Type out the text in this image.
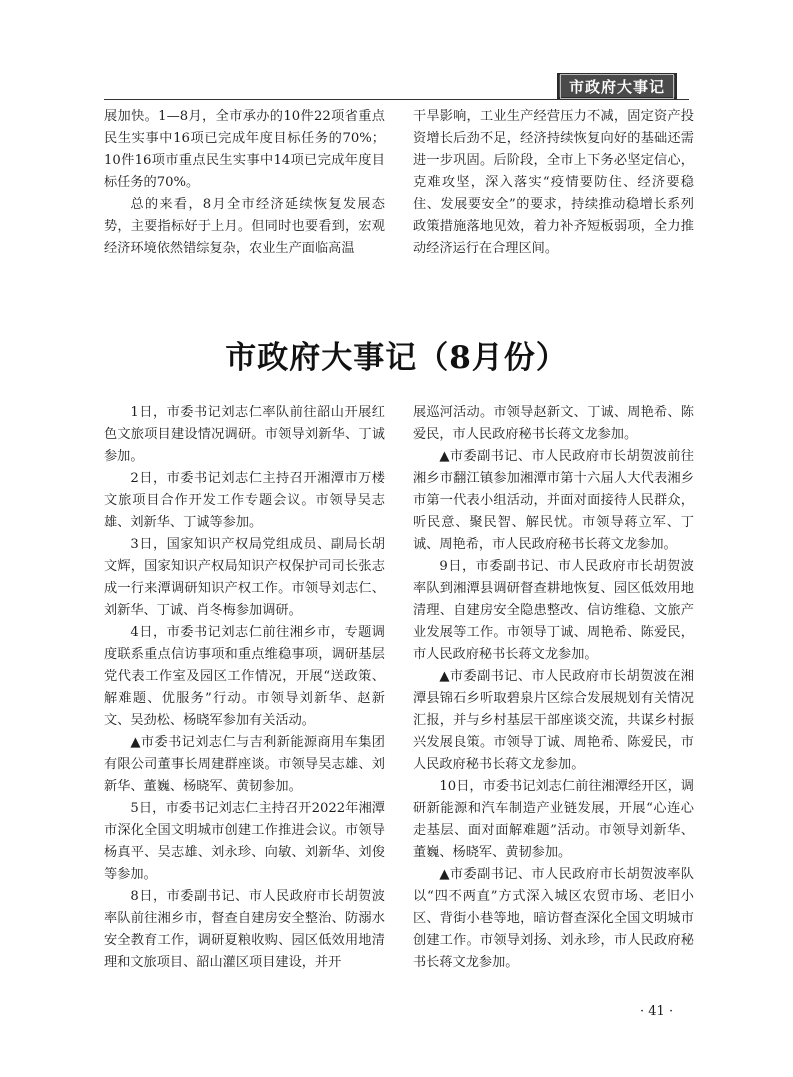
市政府大事记

展加快。1—8月，全市承办的10件22项省重点民生实事中16项已完成年度目标任务的70%；10件16项市重点民生实事中14项已完成年度目标任务的70%。

总的来看，8月全市经济延续恢复发展态势，主要指标好于上月。但同时也要看到，宏观经济环境依然错综复杂，农业生产面临高温

干旱影响，工业生产经营压力不减，固定资产投资增长后劲不足，经济持续恢复向好的基础还需进一步巩固。后阶段，全市上下务必坚定信心，克难攻坚，深入落实“疫情要防住、经济要稳住、发展要安全”的要求，持续推动稳增长系列政策措施落地见效，着力补齐短板弱项，全力推动经济运行在合理区间。

市政府大事记（8月份）

1日，市委书记刘志仁率队前往韶山开展红色文旅项目建设情况调研。市领导刘新华、丁诚参加。

2日，市委书记刘志仁主持召开湘潭市万楼文旅项目合作开发工作专题会议。市领导吴志雄、刘新华、丁诚等参加。

3日，国家知识产权局党组成员、副局长胡文辉，国家知识产权局知识产权保护司司长张志成一行来潭调研知识产权工作。市领导刘志仁、刘新华、丁诚、肖冬梅参加调研。

4日，市委书记刘志仁前往湘乡市，专题调度联系重点信访事项和重点维稳事项，调研基层党代表工作室及园区工作情况，开展“送政策、解难题、优服务”行动。市领导刘新华、赵新文、吴劲松、杨晓军参加有关活动。

▲市委书记刘志仁与吉利新能源商用车集团有限公司董事长周建群座谈。市领导吴志雄、刘新华、董巍、杨晓军、黄韧参加。

5日，市委书记刘志仁主持召开2022年湘潭市深化全国文明城市创建工作推进会议。市领导杨真平、吴志雄、刘永珍、向敏、刘新华、刘俊等参加。

8日，市委副书记、市人民政府市长胡贺波率队前往湘乡市，督查自建房安全整治、防溺水安全教育工作，调研夏粮收购、园区低效用地清理和文旅项目、韶山灌区项目建设，并开

展巡河活动。市领导赵新文、丁诚、周艳希、陈爱民，市人民政府秘书长蒋文龙参加。

▲市委副书记、市人民政府市长胡贺波前往湘乡市翻江镇参加湘潭市第十六届人大代表湘乡市第一代表小组活动，并面对面接待人民群众，听民意、聚民智、解民忧。市领导蒋立军、丁诚、周艳希，市人民政府秘书长蒋文龙参加。

9日，市委副书记、市人民政府市长胡贺波率队到湘潭县调研督查耕地恢复、园区低效用地清理、自建房安全隐患整改、信访维稳、文旅产业发展等工作。市领导丁诚、周艳希、陈爱民，市人民政府秘书长蒋文龙参加。

▲市委副书记、市人民政府市长胡贺波在湘潭县锦石乡听取碧泉片区综合发展规划有关情况汇报，并与乡村基层干部座谈交流，共谋乡村振兴发展良策。市领导丁诚、周艳希、陈爱民，市人民政府秘书长蒋文龙参加。

10日，市委书记刘志仁前往湘潭经开区，调研新能源和汽车制造产业链发展，开展“心连心走基层、面对面解难题”活动。市领导刘新华、董巍、杨晓军、黄韧参加。

▲市委副书记、市人民政府市长胡贺波率队以“四不两直”方式深入城区农贸市场、老旧小区、背街小巷等地，暗访督查深化全国文明城市创建工作。市领导刘扬、刘永珍，市人民政府秘书长蒋文龙参加。

· 41 ·
